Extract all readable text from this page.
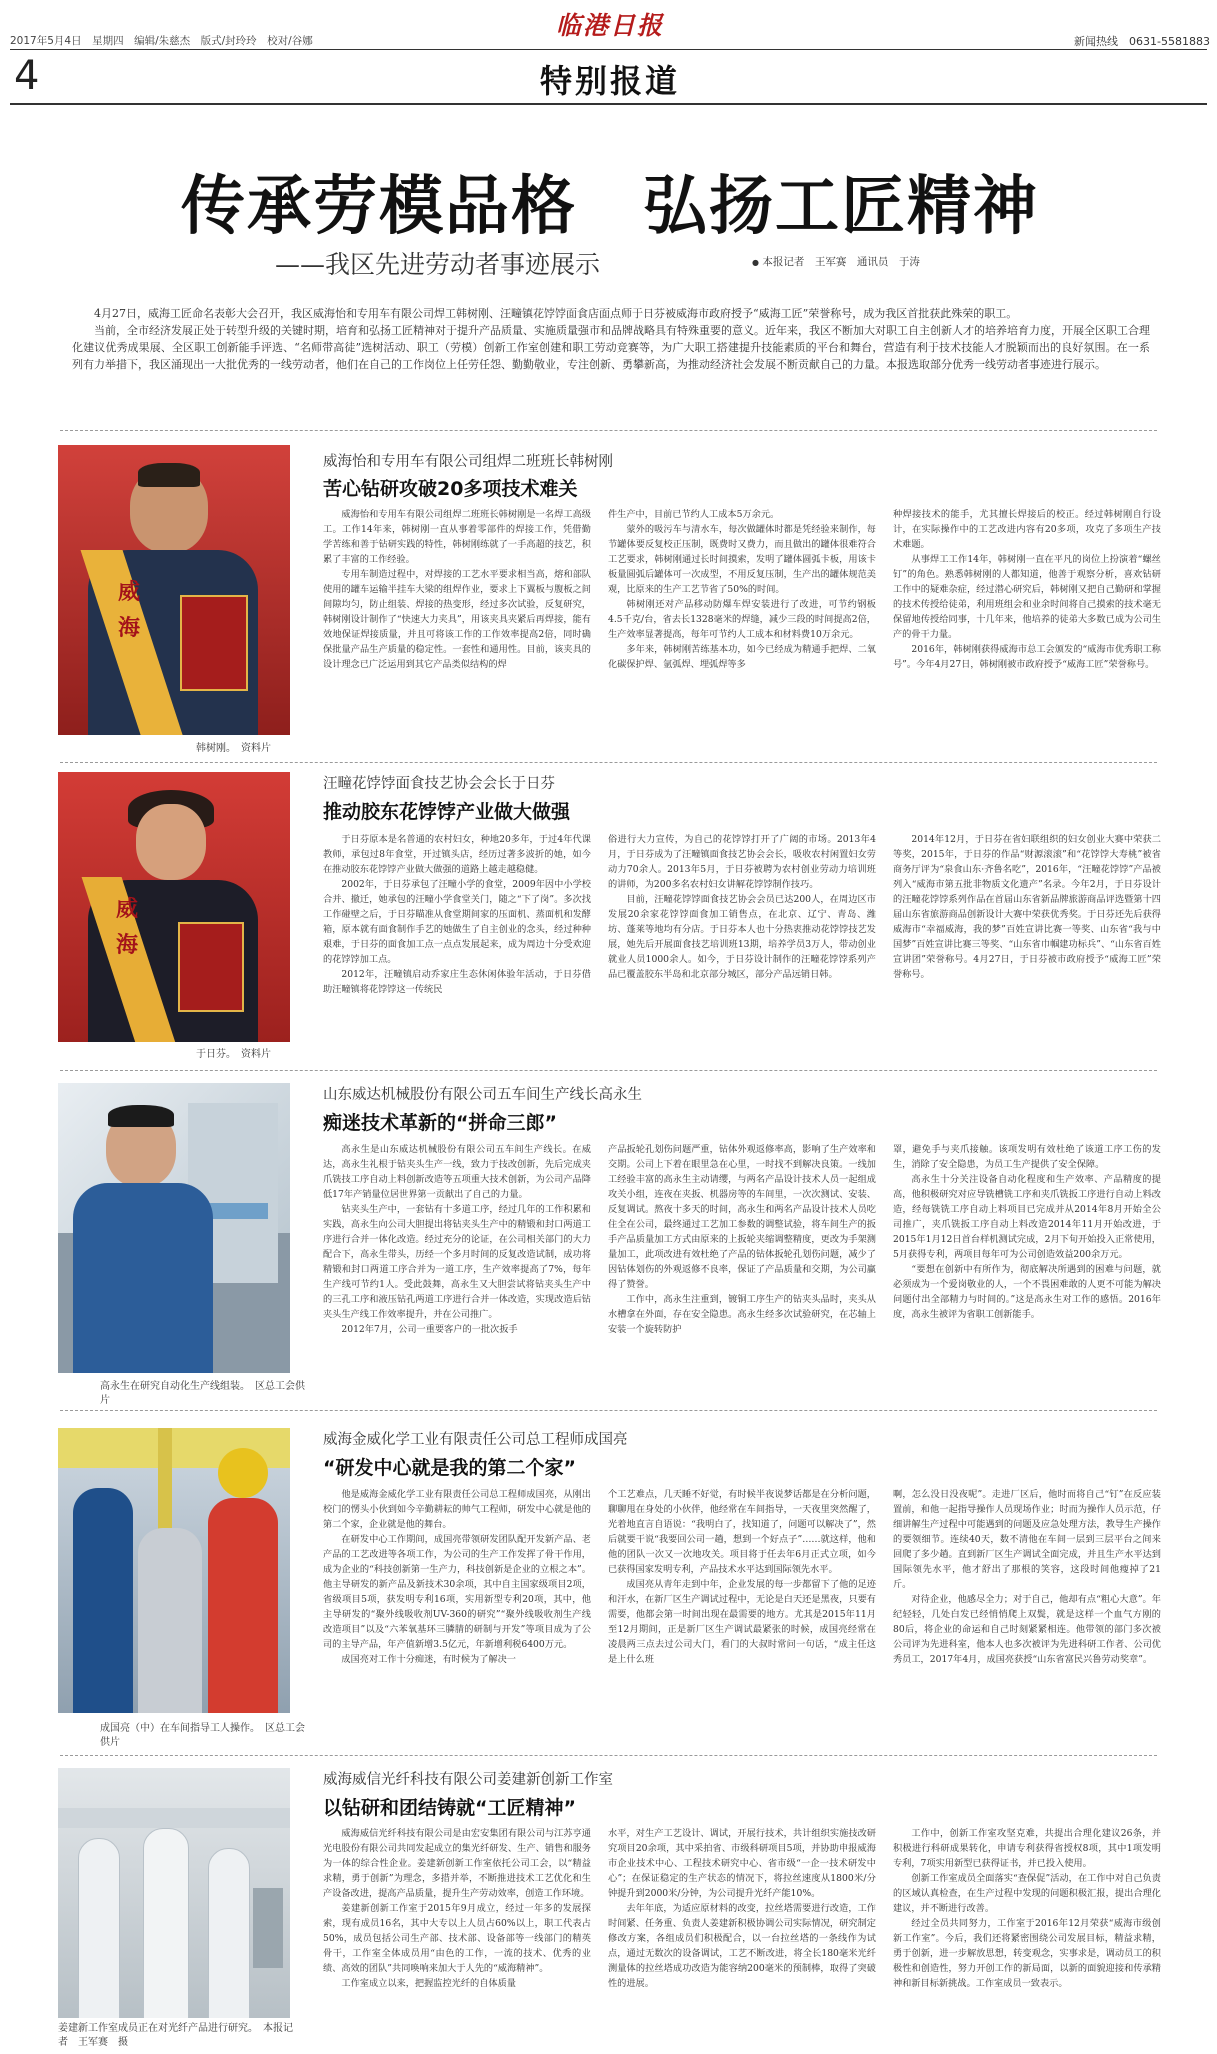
2017年5月4日　星期四　编辑/朱慈杰　版式/封玲玲　校对/谷娜
临港日报
新闻热线　0631-5581883
4	特别报道
传承劳模品格　弘扬工匠精神
——我区先进劳动者事迹展示	● 本报记者　王军赛　通讯员　于涛

4月27日，威海工匠命名表彰大会召开，我区威海怡和专用车有限公司焊工韩树刚、汪疃镇花饽饽面食店面点师于日芬被威海市政府授予“威海工匠”荣誉称号，成为我区首批获此殊荣的职工。

当前，全市经济发展正处于转型升级的关键时期，培育和弘扬工匠精神对于提升产品质量、实施质量强市和品牌战略具有特殊重要的意义。近年来，我区不断加大对职工自主创新人才的培养培育力度，开展全区职工合理化建议优秀成果展、全区职工创新能手评选、“名师带高徒”选树活动、职工（劳模）创新工作室创建和职工劳动竞赛等，为广大职工搭建提升技能素质的平台和舞台，营造有利于技术技能人才脱颖而出的良好氛围。在一系列有力举措下，我区涌现出一大批优秀的一线劳动者，他们在自己的工作岗位上任劳任怨、勤勤敬业，专注创新、勇攀新高，为推动经济社会发展不断贡献自己的力量。本报选取部分优秀一线劳动者事迹进行展示。

威海
韩树刚。　资料片
威海怡和专用车有限公司组焊二班班长韩树刚
苦心钻研攻破20多项技术难关

威海怡和专用车有限公司组焊二班班长韩树刚是一名焊工高级工。工作14年来，韩树刚一直从事着零部件的焊接工作，凭借勤学苦练和善于钻研实践的特性，韩树刚练就了一手高超的技艺，积累了丰富的工作经验。

专用车制造过程中，对焊接的工艺水平要求相当高，熔和部队使用的罐车运输半挂车大梁的组焊作业，要求上下翼板与腹板之间间隙均匀，防止组装、焊接的热变形，经过多次试验，反复研究，韩树刚设计制作了“快速大力夹具”，用该夹具夹紧后再焊接，能有效地保证焊接质量，并且可将该工作的工作效率提高2倍，同时确保批量产品生产质量的稳定性。一套性和通用性。目前，该夹具的设计理念已广泛运用到其它产品类似结构的焊

件生产中，目前已节约人工成本5万余元。

蒙外的吸污车与清水车，每次做罐体时都是凭经验来制作，每节罐体要反复校正压制，既费时又费力，而且做出的罐体很难符合工艺要求，韩树刚通过长时间摸索，发明了罐体圆弧卡板，用该卡板量圆弧后罐体可一次成型，不用反复压制，生产出的罐体规范美观，比原来的生产工艺节省了50%的时间。

韩树刚还对产品移动防爆车焊安装进行了改进，可节约钢板4.5千克/台，省去长1328毫米的焊缝，减少三段的时间提高2倍，生产效率显著提高，每年可节约人工成本和材料费10万余元。

多年来，韩树刚苦练基本功，如今已经成为精通手把焊、二氧化碳保护焊、氩弧焊、埋弧焊等多

种焊接技术的能手，尤其擅长焊接后的校正。经过韩树刚自行设计，在实际操作中的工艺改进内容有20多项，攻克了多项生产技术难题。

从事焊工工作14年，韩树刚一直在平凡的岗位上扮演着“螺丝钉”的角色。熟悉韩树刚的人都知道，他善于观察分析，喜欢钻研工作中的疑难杂症，经过潜心研究后，韩树刚又把自己勤研和掌握的技术传授给徒弟，利用班组会和业余时间将自己摸索的技术毫无保留地传授给同事，十几年来，他培养的徒弟大多数已成为公司生产的骨干力量。

2016年，韩树刚获得威海市总工会颁发的“威海市优秀职工称号”。今年4月27日，韩树刚被市政府授予“威海工匠”荣誉称号。

威海
于日芬。　资料片
汪疃花饽饽面食技艺协会会长于日芬
推动胶东花饽饽产业做大做强

于日芬原本是名普通的农村妇女，种地20多年，于过4年代课教师，承包过8年食堂，开过镇头店，经历过著多波折的她，如今在推动胶东花饽饽产业做大做强的道路上越走越稳健。

2002年，于日芬承包了汪疃小学的食堂，2009年因中小学校合并、撤迁，她承包的汪疃小学食堂关门，随之“下了岗”。多次找工作碰壁之后，于日芬瞄准从食堂期间家的压面机、蒸面机和发酵箱，原本就有面食制作手艺的她做生了自主创业的念头，经过种种艰难，于日芬的面食加工点一点点发展起来，成为周边十分受欢迎的花饽饽加工点。

2012年，汪疃镇启动乔家庄生态休闲体验年活动，于日芬借助汪疃镇将花饽饽这一传统民

俗进行大力宣传，为自己的花饽饽打开了广阔的市场。2013年4月，于日芬成为了汪疃镇面食技艺协会会长，吸收农村闲置妇女劳动力70余人。2013年5月，于日芬被聘为农村创业劳动力培训班的讲师，为200多名农村妇女讲解花饽饽制作技巧。

目前，汪疃花饽饽面食技艺协会会员已达200人，在周边区市发展20余家花饽饽面食加工销售点，在北京、辽宁、青岛、潍坊、蓬莱等地均有分店。于日芬本人也十分热衷推动花饽饽技艺发展，她先后开展面食技艺培训班13期，培养学员3万人，带动创业就业人员1000余人。如今，于日芬设计制作的汪疃花饽饽系列产品已覆盖胶东半岛和北京部分城区，部分产品远销日韩。

2014年12月，于日芬在省妇联组织的妇女创业大赛中荣获二等奖，2015年，于日芬的作品“财源滚滚”和“花饽饽大寿桃”被省商务厅评为“泉食山东·齐鲁名吃”，2016年，“汪疃花饽饽”产品被列入“威海市第五批非物质文化遗产”名录。今年2月，于日芬设计的汪疃花饽饽系列作品在首届山东省新品牌旅游商品评选暨第十四届山东省旅游商品创新设计大赛中荣获优秀奖。于日芬还先后获得威海市“幸福威海，我的梦”百姓宣讲比赛一等奖、山东省“我与中国梦”百姓宣讲比赛三等奖、“山东省巾帼建功标兵”、“山东省百姓宣讲团”荣誉称号。4月27日，于日芬被市政府授予“威海工匠”荣誉称号。

高永生在研究自动化生产线组装。　区总工会供片
山东威达机械股份有限公司五车间生产线长高永生
痴迷技术革新的“拼命三郎”

高永生是山东威达机械股份有限公司五车间生产线长。在威达，高永生礼根于钻夹头生产一线，致力于技改创新，先后完成夹爪铣技工序自动上料创新改造等五项重大技术创新，为公司产品降低17年产销量位居世界第一贡献出了自己的力量。

钻夹头生产中，一套钻有十多道工序，经过几年的工作积累和实践，高永生向公司大胆提出将钻夹头生产中的精锻和封口两道工序进行合并一体化改造。经过充分的论证，在公司相关部门的大力配合下，高永生带头，历经一个多月时间的反复改造试制，成功将精锻和封口两道工序合并为一道工序，生产效率提高了7%，每年生产线可节约1人。受此鼓舞，高永生又大胆尝试将钻夹头生产中的三孔工序和液压钻孔两道工序进行合并一体改造，实现改造后钻夹头生产线工作效率提升，并在公司推广。

2012年7月，公司一重要客户的一批次扳手

产品扳轮孔划伤问题严重，钻体外观返修率高，影响了生产效率和交期。公司上下着在眼里急在心里，一时找不到解决良策。一线加工经验丰富的高永生主动请缨，与两名产品设计技术人员一起组成攻关小组，连夜在夹扳、机器房等的车间里，一次次测试、安装、反复调试。熬夜十多天的时间，高永生和两名产品设计技术人员吃住全在公司，最终通过工艺加工参数的调整试验，将车间生产的扳手产品质量加工方式由原来的上扳轮夹缩调整精度，更改为手架测量加工，此项改进有效杜绝了产品的钻体扳轮孔划伤问题，减少了因钻体划伤的外观返修不良率，保证了产品质量和交期，为公司赢得了赞誉。

工作中，高永生注重到，镀铜工序生产的钻夹头品时，夹头从水槽拿在外面，存在安全隐患。高永生经多次试验研究，在芯轴上安装一个旋转防护

罩，避免手与夹爪接触。该项发明有效杜绝了该道工序工伤的发生，消除了安全隐患，为员工生产提供了安全保障。

高永生十分关注设备自动化程度和生产效率、产品精度的提高，他积极研究对应导铣槽铣工序和夹爪铣扳工序进行自动上料改造，经每铣铣工序自动上料项目已完成并从2014年8月开始全公司推广，夹爪铣扳工序自动上料改造2014年11月开始改进，于2015年1月12日首台样机测试完成，2月下旬开始投入正常使用，5月获得专利，两项目每年可为公司创造效益200余万元。

“要想在创新中有所作为，彻底解决所遇到的困难与问题，就必须成为一个爱岗敬业的人，一个不畏困难敢的人更不可能为解决问题付出全部精力与时间的。”这是高永生对工作的感悟。2016年度，高永生被评为省职工创新能手。

成国亮（中）在车间指导工人操作。　区总工会供片
威海金威化学工业有限责任公司总工程师成国亮
“研发中心就是我的第二个家”

他是威海金威化学工业有限责任公司总工程师成国亮，从刚出校门的愣头小伙到如今辛勤耕耘的帅气工程师，研发中心就是他的第二个家，企业就是他的舞台。

在研发中心工作期间，成国亮带领研发团队配开发新产品、老产品的工艺改进等各项工作，为公司的生产工作发挥了骨干作用，成为企业的“科技创新第一生产力，科技创新是企业的立根之本”。他主导研发的新产品及新技术30余项，其中自主国家级项目2项，省级项目5项，获发明专利16项，实用新型专利20项，其中，他主导研发的“聚外线吸收剂UV-360的研究”“聚外线吸收剂生产线改造项目”以及“六苯氧基环三膦腈的研制与开发”等项目成为了公司的主导产品，年产值新增3.5亿元，年新增利税6400万元。

成国亮对工作十分痴迷，有时候为了解决一

个工艺难点，几天睡不好觉，有时候半夜说梦话都是在分析问题，聊聊甩在身处的小伙伴，他经常在车间指导，一天夜里突然醒了，光着地直言自语说：“我明白了，找知道了，问题可以解决了”，然后就要干说“我要回公司一趟，想到一个好点子”……就这样，他和他的团队一次又一次地攻关。项目将于任去年6月正式立项，如今已获得国家发明专利，产品技术水平达到国际领先水平。

成国亮从青年走到中年，企业发展的每一步都留下了他的足迹和汗水，在新厂区生产调试过程中，无论是白天还是黑夜，只要有需要，他都会第一时间出现在最需要的地方。尤其是2015年11月至12月期间，正是新厂区生产调试最紧张的时候，成国亮经常在凌晨两三点去过公司大门，看门的大叔时常问一句话，“成主任这是上什么班

啊，怎么没日没夜呢”。走进厂区后，他时而将自己“钉”在反应装置前，和他一起指导操作人员现场作业；时而为操作人员示范，仔细讲解生产过程中可能遇到的问题及应急处理方法，教导生产操作的要领细节。连续40天，数不清他在车间一层到三层平台之间来回爬了多少趟。直到新厂区生产调试全面完成，并且生产水平达到国际领先水平，他才舒出了那根的笑容，这段时间他瘦掉了21斤。

对待企业，他感尽全力；对于自己，他却有点“粗心大意”。年纪轻轻，几处白发已经悄悄爬上双鬓，就是这样一个血气方刚的80后，将企业的命运和自己时刻紧紧相连。他带领的部门多次被公司评为先进科室，他本人也多次被评为先进科研工作者、公司优秀员工，2017年4月，成国亮获授“山东省富民兴鲁劳动奖章”。

姜建新工作室成员正在对光纤产品进行研究。　本报记者　王军赛　摄
威海威信光纤科技有限公司姜建新创新工作室
以钻研和团结铸就“工匠精神”

威海威信光纤科技有限公司是由宏安集团有限公司与江苏亨通光电股份有限公司共同发起成立的集光纤研发、生产、销售和服务为一体的综合性企业。姜建新创新工作室依托公司工会，以“精益求精，勇于创新”为理念，多措并举，不断推进技术工艺优化和生产设备改进，提高产品质量，提升生产劳动效率，创造工作环境。

姜建新创新工作室于2015年9月成立，经过一年多的发展探索，现有成员16名，其中大专以上人员占60%以上，职工代表占50%，成员包括公司生产部、技术部、设备部等一线部门的精英骨干，工作室全体成员用“由色的工作，一流的技术、优秀的业绩、高效的团队”共同唤响来加大于人先的“威海精神”。

工作室成立以来，把握监控光纤的自体质量

水平，对生产工艺设计、调试，开展行技术，共计组织实施技改研究项目20余项，其中采拍省、市级科研项目5项，并协助申报威海市企业技术中心、工程技术研究中心、省市级“一企一技术研发中心”；在保证稳定的生产状态的情况下，将拉丝速度从1800米/分钟提升到2000米/分钟，为公司提升光纤产能10%。

去年年底，为适应原材料的改变，拉丝塔需要进行改造，工作时间紧、任务重、负责人姜建新积极协调公司实际情况，研究制定修改方案，各组成员们积极配合，以一台拉丝塔的一条线作为试点，通过无数次的设备调试，工艺不断改进，将全长180毫米光纤测量体的拉丝塔成功改造为能容纳200毫米的预制棒，取得了突破性的进展。

工作中，创新工作室攻坚克难，共提出合理化建议26条，并积极进行科研成果转化，申请专利获得省授权8项，其中1项发明专利，7项实用新型已获得证书，并已投入使用。

创新工作室成员全面落实“查保促”活动，在工作中对自己负责的区域认真检查，在生产过程中发现的问题积极汇报，提出合理化建议，并不断进行改善。

经过全员共同努力，工作室于2016年12月荣获“威海市级创新工作室”。今后，我们还将紧密围绕公司发展目标，精益求精，勇于创新，进一步解放思想，转变观念，实事求是，调动员工的积极性和创造性，努力开创工作的新局面，以新的面貌迎接和传承精神和新目标新挑战。工作室成员一致表示。
